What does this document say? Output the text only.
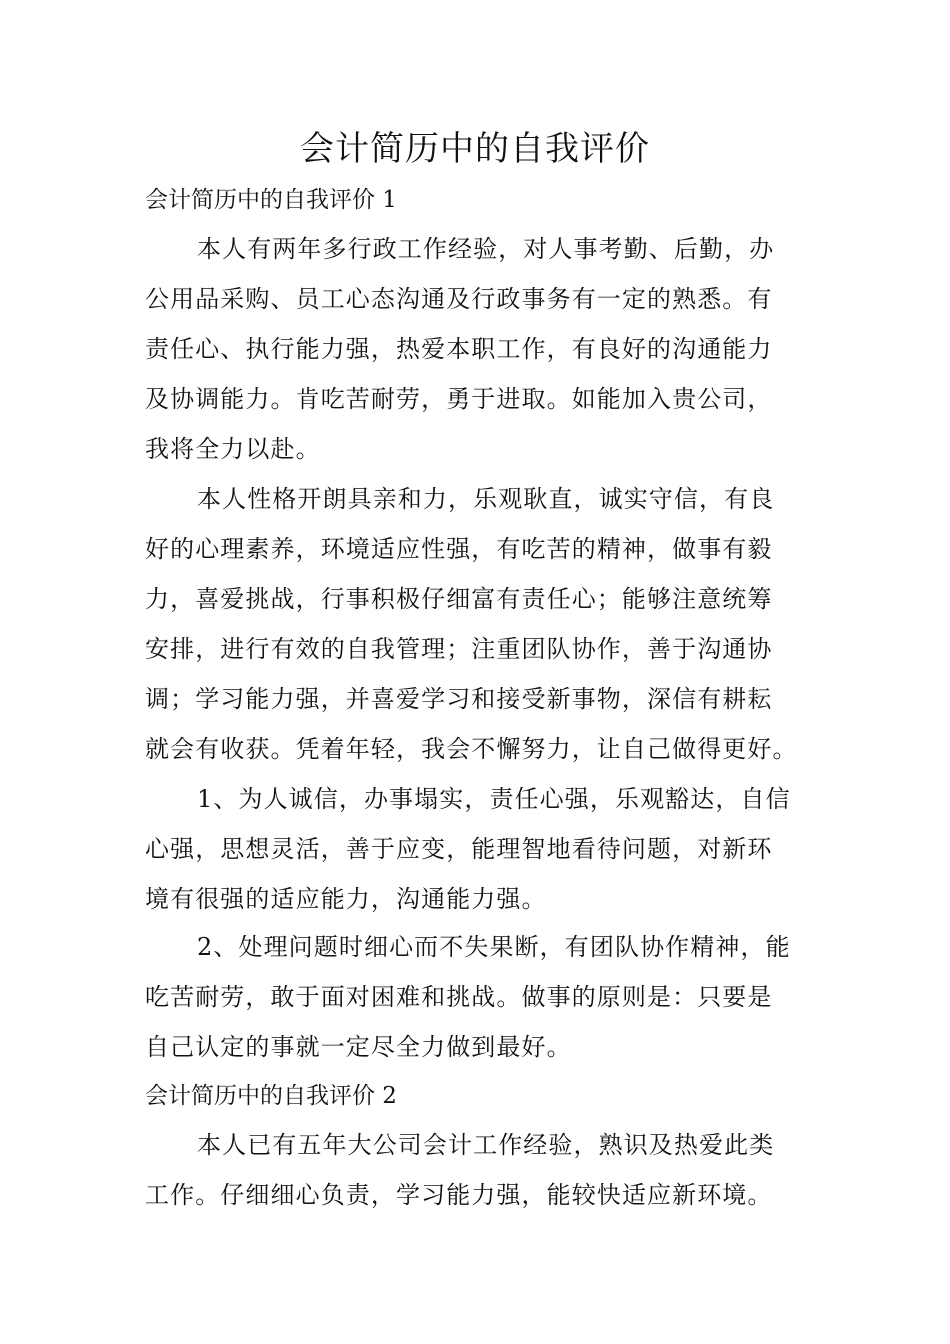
会计简历中的自我评价
会计简历中的自我评价 1
本人有两年多行政工作经验，对人事考勤、后勤，办
公用品采购、员工心态沟通及行政事务有一定的熟悉。有
责任心、执行能力强，热爱本职工作，有良好的沟通能力
及协调能力。肯吃苦耐劳，勇于进取。如能加入贵公司，
我将全力以赴。
本人性格开朗具亲和力，乐观耿直，诚实守信，有良
好的心理素养，环境适应性强，有吃苦的精神，做事有毅
力，喜爱挑战，行事积极仔细富有责任心；能够注意统筹
安排，进行有效的自我管理；注重团队协作，善于沟通协
调；学习能力强，并喜爱学习和接受新事物，深信有耕耘
就会有收获。凭着年轻，我会不懈努力，让自己做得更好。
1、为人诚信，办事塌实，责任心强，乐观豁达，自信
心强，思想灵活，善于应变，能理智地看待问题，对新环
境有很强的适应能力，沟通能力强。
2、处理问题时细心而不失果断，有团队协作精神，能
吃苦耐劳，敢于面对困难和挑战。做事的原则是：只要是
自己认定的事就一定尽全力做到最好。
会计简历中的自我评价 2
本人已有五年大公司会计工作经验，熟识及热爱此类
工作。仔细细心负责，学习能力强，能较快适应新环境。
